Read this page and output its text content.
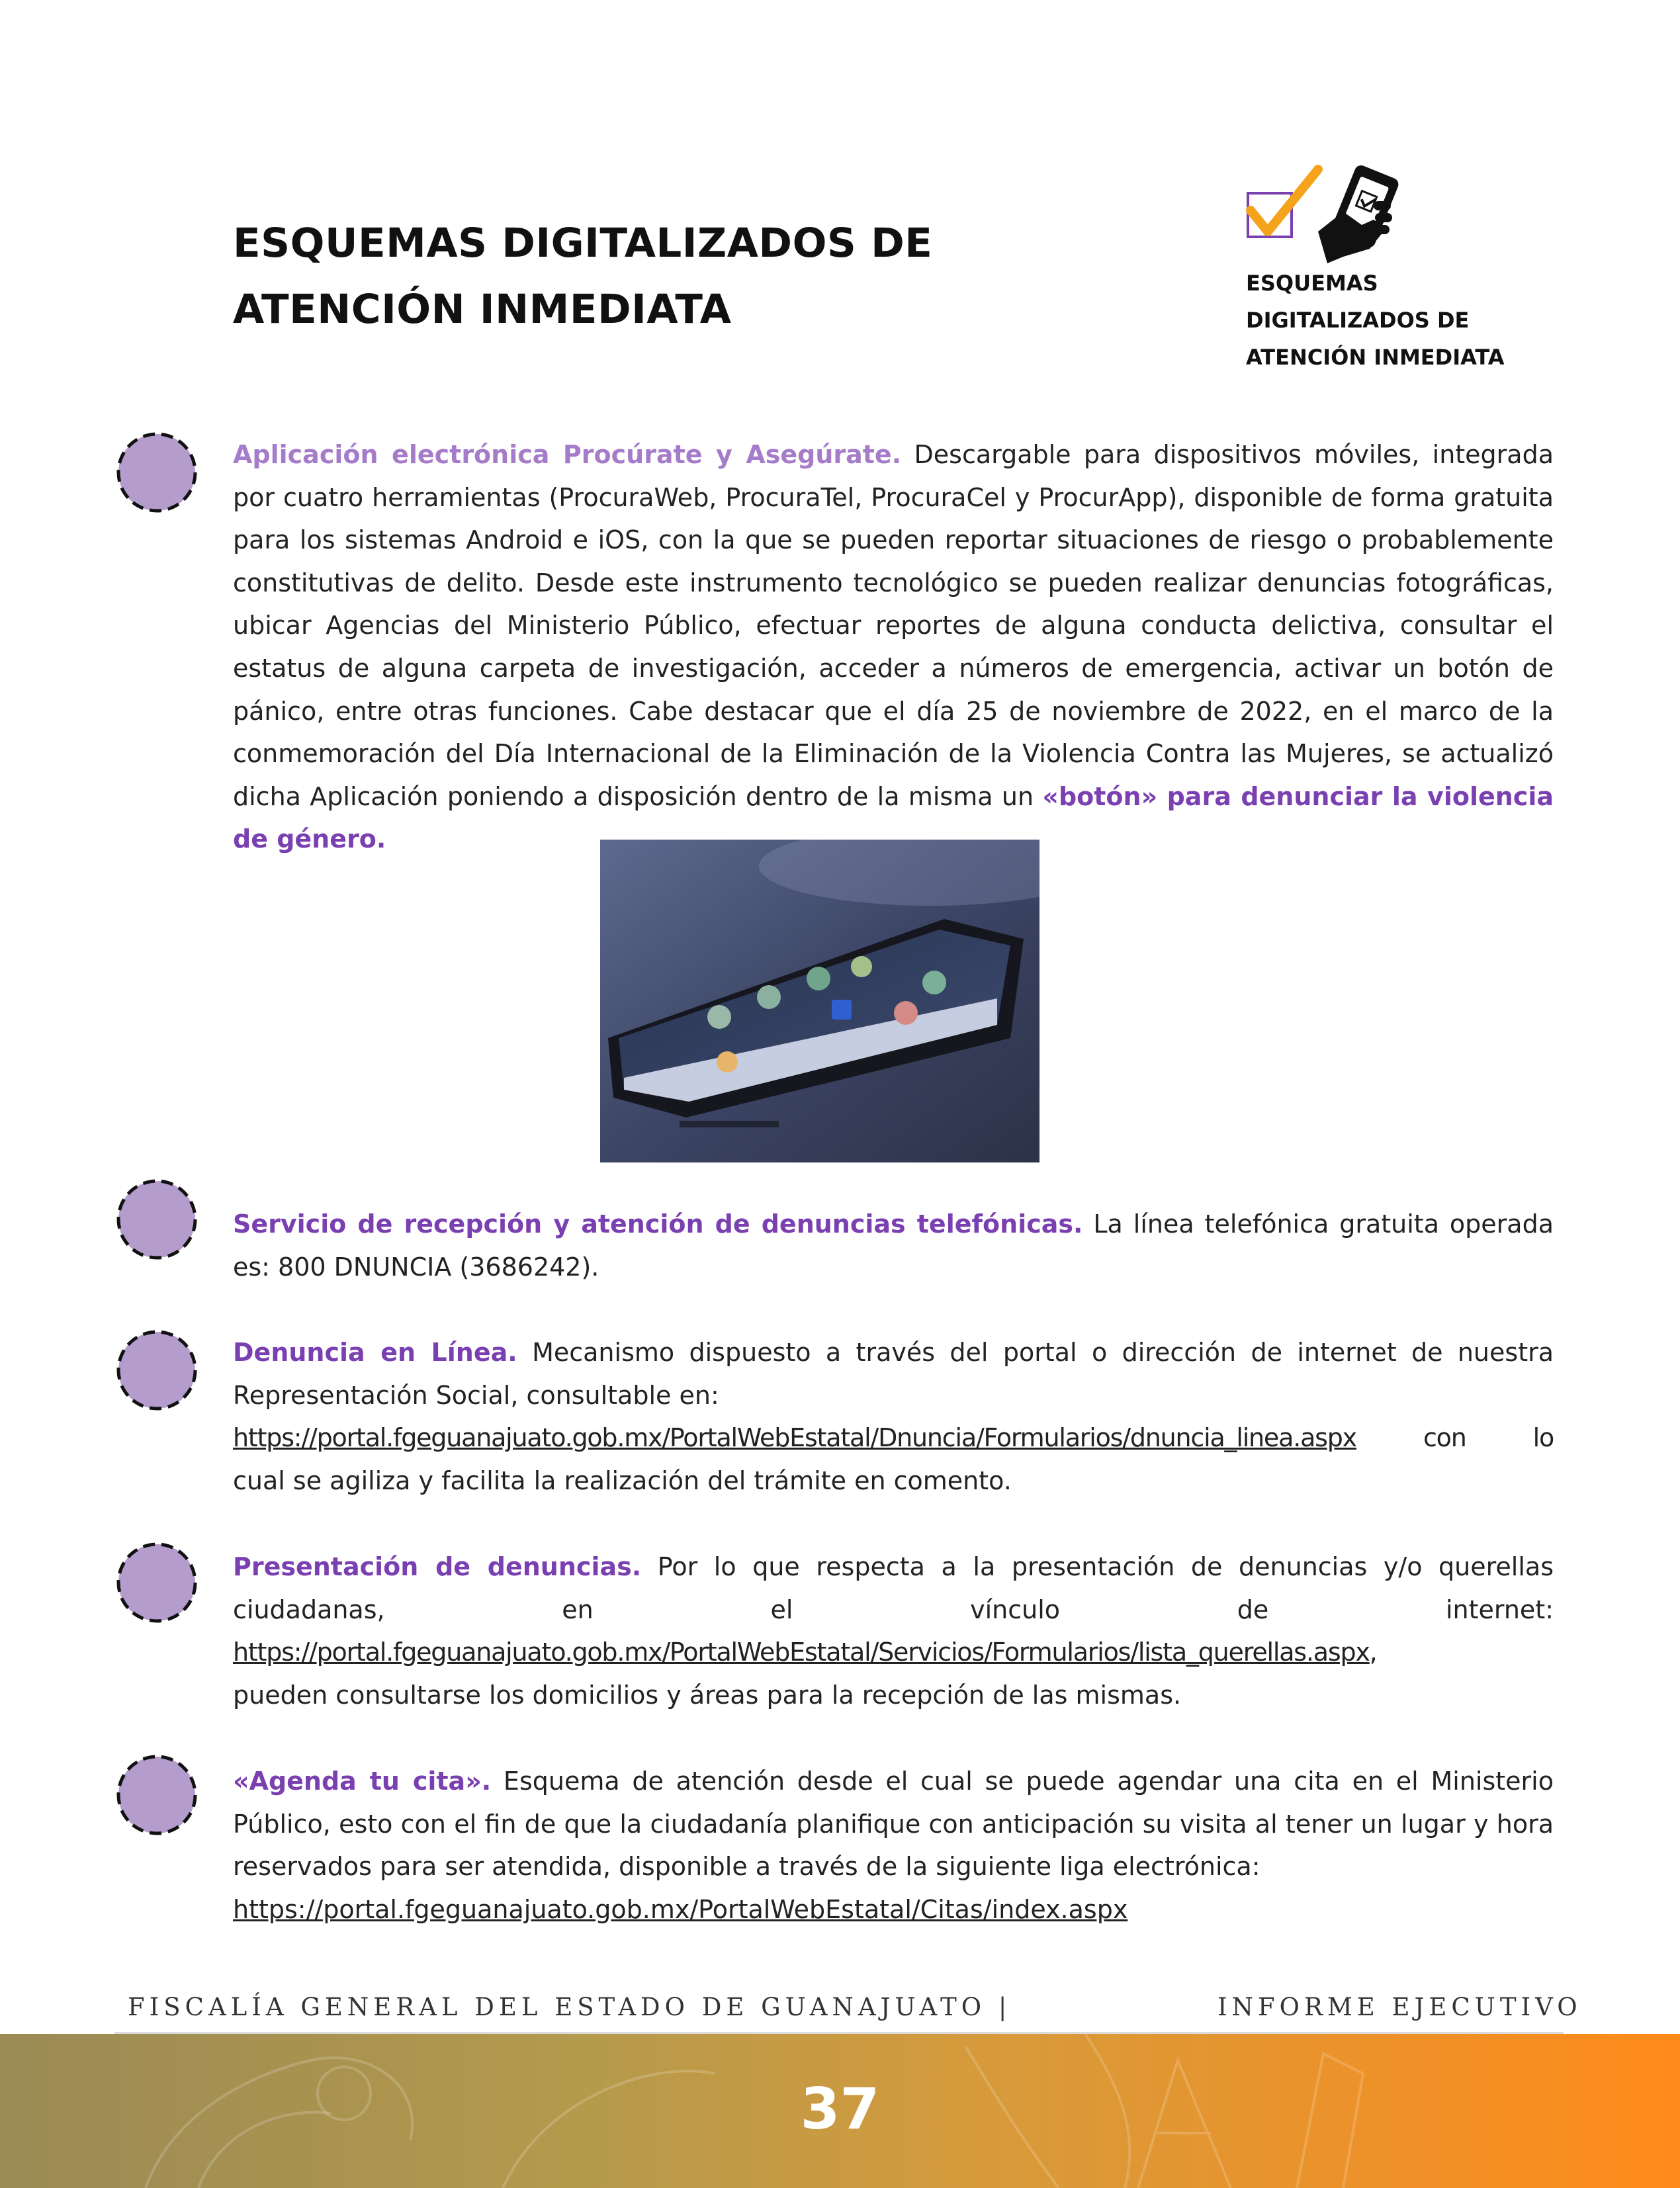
ESQUEMAS DIGITALIZADOS DE
ATENCIÓN INMEDIATA
ESQUEMAS
DIGITALIZADOS DE
ATENCIÓN INMEDIATA
Aplicación electrónica Procúrate y Asegúrate. Descargable para dispositivos móviles, integrada por cuatro herramientas (ProcuraWeb, ProcuraTel, ProcuraCel y ProcurApp), disponible de forma gratuita para los sistemas Android e iOS, con la que se pueden reportar situaciones de riesgo o probablemente constitutivas de delito. Desde este instrumento tecnológico se pueden realizar denuncias fotográficas, ubicar Agencias del Ministerio Público, efectuar reportes de alguna conducta delictiva, consultar el estatus de alguna carpeta de investigación, acceder a números de emergencia, activar un botón de pánico, entre otras funciones. Cabe destacar que el día 25 de noviembre de 2022, en el marco de la conmemoración del Día Internacional de la Eliminación de la Violencia Contra las Mujeres, se actualizó dicha Aplicación poniendo a disposición dentro de la misma un «botón» para denunciar la violencia de género.
Servicio de recepción y atención de denuncias telefónicas. La línea telefónica gratuita operada es: 800 DNUNCIA (3686242).
Denuncia en Línea. Mecanismo dispuesto a través del portal o dirección de internet de nuestra Representación Social, consultable en:
https://portal.fgeguanajuato.gob.mx/PortalWebEstatal/Dnuncia/Formularios/dnuncia_linea.aspx con lo
cual se agiliza y facilita la realización del trámite en comento.
Presentación de denuncias. Por lo que respecta a la presentación de denuncias y/o querellas
ciudadanas, en el vínculo de internet:
https://portal.fgeguanajuato.gob.mx/PortalWebEstatal/Servicios/Formularios/lista_querellas.aspx,
pueden consultarse los domicilios y áreas para la recepción de las mismas.
«Agenda tu cita». Esquema de atención desde el cual se puede agendar una cita en el Ministerio Público, esto con el fin de que la ciudadanía planifique con anticipación su visita al tener un lugar y hora reservados para ser atendida, disponible a través de la siguiente liga electrónica:
https://portal.fgeguanajuato.gob.mx/PortalWebEstatal/Citas/index.aspx
FISCALÍA GENERAL DEL ESTADO DE GUANAJUATO |	INFORME EJECUTIVO
37
